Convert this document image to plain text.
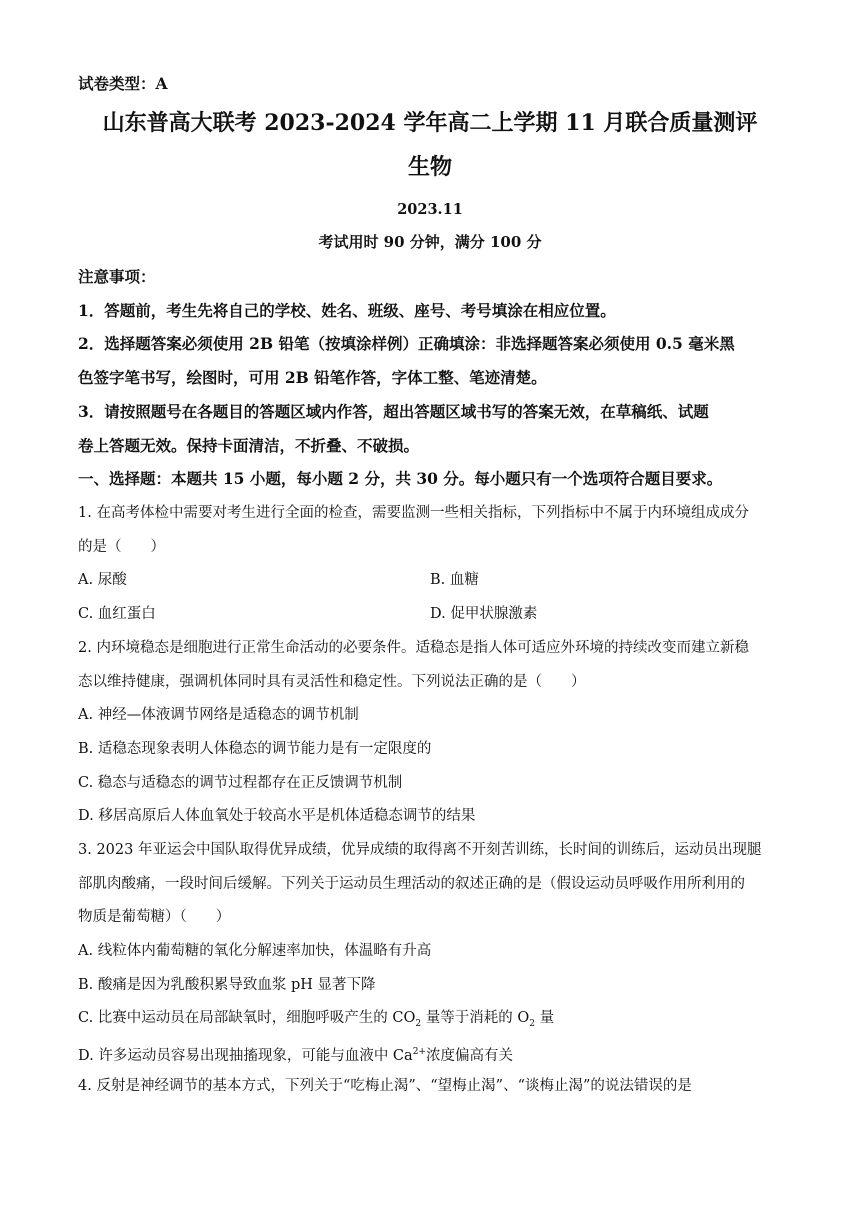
试卷类型：A
山东普高大联考 2023-2024 学年高二上学期 11 月联合质量测评
生物
2023.11
考试用时 90 分钟，满分 100 分
注意事项：
1．答题前，考生先将自己的学校、姓名、班级、座号、考号填涂在相应位置。
2．选择题答案必须使用 2B 铅笔（按填涂样例）正确填涂：非选择题答案必须使用 0.5 毫米黑
色签字笔书写，绘图时，可用 2B 铅笔作答，字体工整、笔迹清楚。
3．请按照题号在各题目的答题区域内作答，超出答题区域书写的答案无效，在草稿纸、试题
卷上答题无效。保持卡面清洁，不折叠、不破损。
一、选择题：本题共 15 小题，每小题 2 分，共 30 分。每小题只有一个选项符合题目要求。
1. 在高考体检中需要对考生进行全面的检查，需要监测一些相关指标，下列指标中不属于内环境组成成分
的是（　　）
A. 尿酸	B. 血糖
C. 血红蛋白	D. 促甲状腺激素
2. 内环境稳态是细胞进行正常生命活动的必要条件。适稳态是指人体可适应外环境的持续改变而建立新稳
态以维持健康，强调机体同时具有灵活性和稳定性。下列说法正确的是（　　）
A. 神经—体液调节网络是适稳态的调节机制
B. 适稳态现象表明人体稳态的调节能力是有一定限度的
C. 稳态与适稳态的调节过程都存在正反馈调节机制
D. 移居高原后人体血氧处于较高水平是机体适稳态调节的结果
3. 2023 年亚运会中国队取得优异成绩，优异成绩的取得离不开刻苦训练，长时间的训练后，运动员出现腿
部肌肉酸痛，一段时间后缓解。下列关于运动员生理活动的叙述正确的是（假设运动员呼吸作用所利用的
物质是葡萄糖）（　　）
A. 线粒体内葡萄糖的氧化分解速率加快，体温略有升高
B. 酸痛是因为乳酸积累导致血浆 pH 显著下降
C. 比赛中运动员在局部缺氧时，细胞呼吸产生的 $CO_2$ 量等于消耗的 $O_2$ 量
D. 许多运动员容易出现抽搐现象，可能与血液中 $Ca^{2+}$浓度偏高有关
4. 反射是神经调节的基本方式，下列关于“吃梅止渴”、“望梅止渴”、“谈梅止渴”的说法错误的是
